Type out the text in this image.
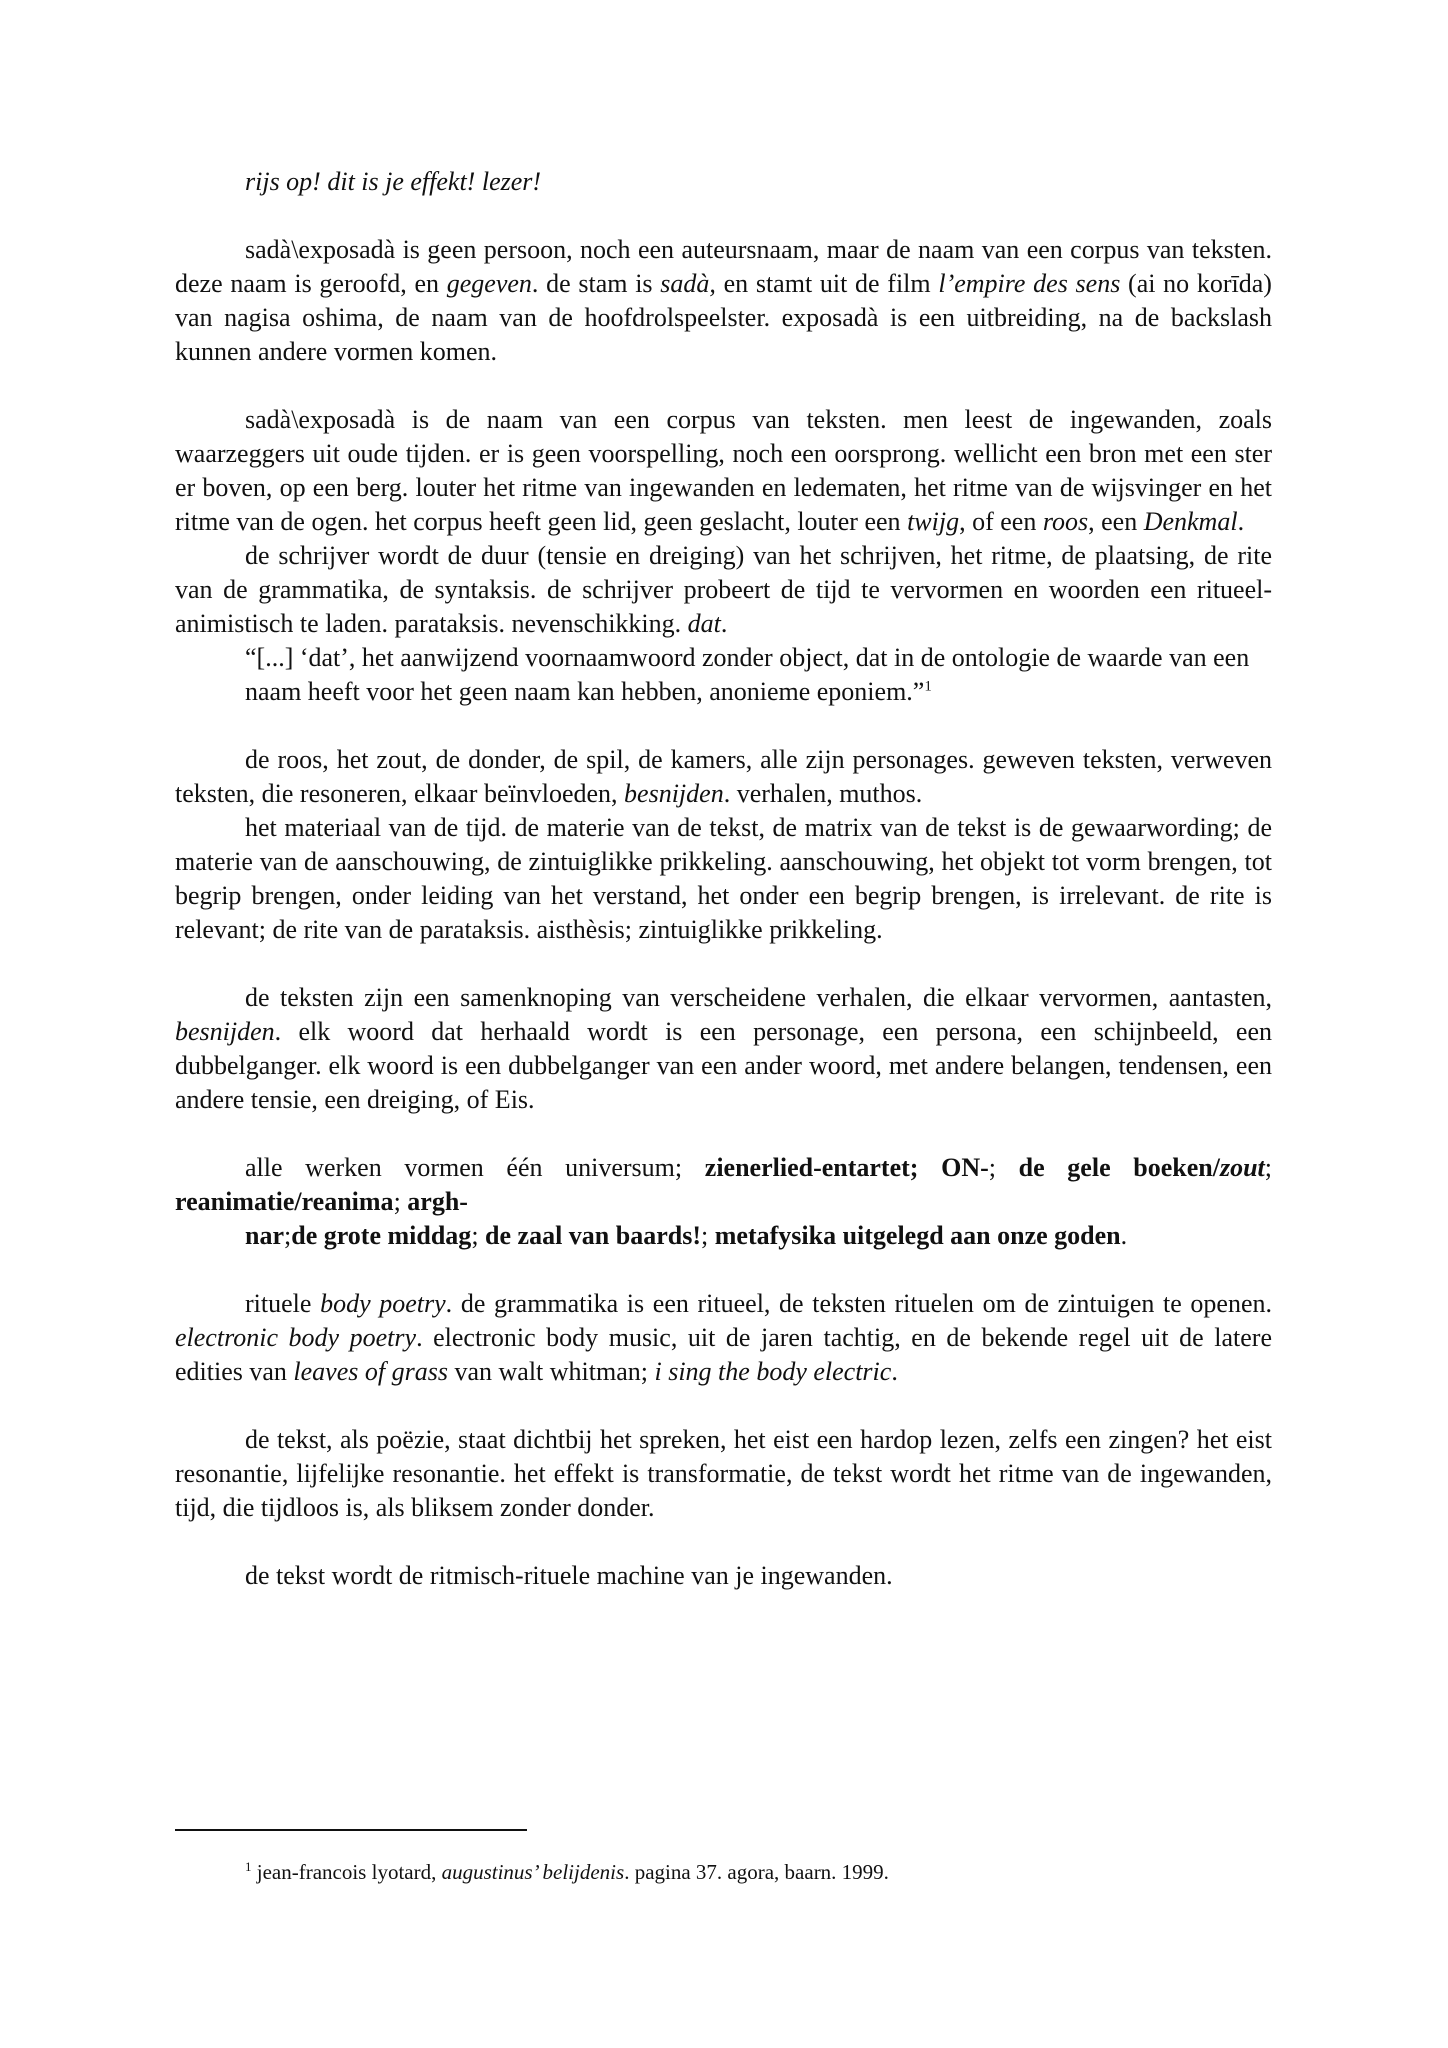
rijs op! dit is je effekt! lezer!

sadà\exposadà is geen persoon, noch een auteursnaam, maar de naam van een corpus van teksten. deze naam is geroofd, en gegeven. de stam is sadà, en stamt uit de film l’empire des sens (ai no korīda) van nagisa oshima, de naam van de hoofdrolspeelster. exposadà is een uitbreiding, na de backslash kunnen andere vormen komen.

sadà\exposadà is de naam van een corpus van teksten. men leest de ingewanden, zoals waarzeggers uit oude tijden. er is geen voorspelling, noch een oorsprong. wellicht een bron met een ster er boven, op een berg. louter het ritme van ingewanden en ledematen, het ritme van de wijsvinger en het ritme van de ogen. het corpus heeft geen lid, geen geslacht, louter een twijg, of een roos, een Denkmal.

de schrijver wordt de duur (tensie en dreiging) van het schrijven, het ritme, de plaatsing, de rite van de grammatika, de syntaksis. de schrijver probeert de tijd te vervormen en woorden een ritueel-animistisch te laden. parataksis. nevenschikking. dat.

“[...] ‘dat’, het aanwijzend voornaamwoord zonder object, dat in de ontologie de waarde van een naam heeft voor het geen naam kan hebben, anonieme eponiem.”$^1$

de roos, het zout, de donder, de spil, de kamers, alle zijn personages. geweven teksten, verweven teksten, die resoneren, elkaar beïnvloeden, besnijden. verhalen, muthos.

het materiaal van de tijd. de materie van de tekst, de matrix van de tekst is de gewaarwording; de materie van de aanschouwing, de zintuiglikke prikkeling. aanschouwing, het objekt tot vorm brengen, tot begrip brengen, onder leiding van het verstand, het onder een begrip brengen, is irrelevant. de rite is relevant; de rite van de parataksis. aisthèsis; zintuiglikke prikkeling.

de teksten zijn een samenknoping van verscheidene verhalen, die elkaar vervormen, aantasten, besnijden. elk woord dat herhaald wordt is een personage, een persona, een schijnbeeld, een dubbelganger. elk woord is een dubbelganger van een ander woord, met andere belangen, tendensen, een andere tensie, een dreiging, of Eis.

alle werken vormen één universum; zienerlied-entartet; ON-; de gele boeken/zout;

reanimatie/reanima; argh-

nar;de grote middag; de zaal van baards!; metafysika uitgelegd aan onze goden.

rituele body poetry. de grammatika is een ritueel, de teksten rituelen om de zintuigen te openen. electronic body poetry. electronic body music, uit de jaren tachtig, en de bekende regel uit de latere edities van leaves of grass van walt whitman; i sing the body electric.

de tekst, als poëzie, staat dichtbij het spreken, het eist een hardop lezen, zelfs een zingen? het eist resonantie, lijfelijke resonantie. het effekt is transformatie, de tekst wordt het ritme van de ingewanden, tijd, die tijdloos is, als bliksem zonder donder.

de tekst wordt de ritmisch-rituele machine van je ingewanden.

$^1$ jean-francois lyotard, augustinus’ belijdenis. pagina 37. agora, baarn. 1999.
